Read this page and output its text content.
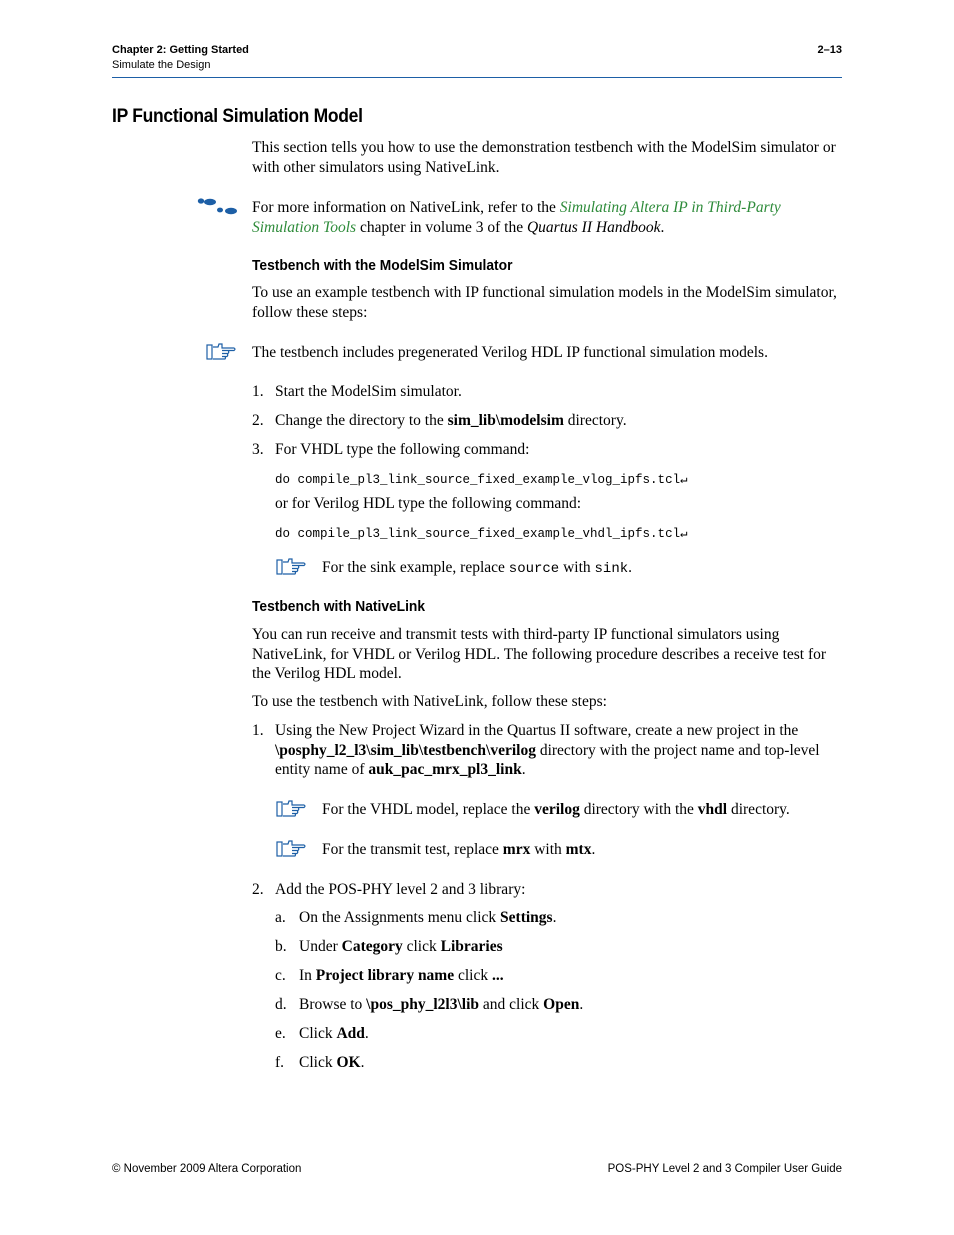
Chapter 2: Getting Started
Simulate the Design
2–13
IP Functional Simulation Model
This section tells you how to use the demonstration testbench with the ModelSim simulator or with other simulators using NativeLink.
For more information on NativeLink, refer to the Simulating Altera IP in Third-Party Simulation Tools chapter in volume 3 of the Quartus II Handbook.
Testbench with the ModelSim Simulator
To use an example testbench with IP functional simulation models in the ModelSim simulator, follow these steps:
The testbench includes pregenerated Verilog HDL IP functional simulation models.
1. Start the ModelSim simulator.
2. Change the directory to the sim_lib\modelsim directory.
3. For VHDL type the following command:
do compile_pl3_link_source_fixed_example_vlog_ipfs.tcl↵
or for Verilog HDL type the following command:
do compile_pl3_link_source_fixed_example_vhdl_ipfs.tcl↵
For the sink example, replace source with sink.
Testbench with NativeLink
You can run receive and transmit tests with third-party IP functional simulators using NativeLink, for VHDL or Verilog HDL. The following procedure describes a receive test for the Verilog HDL model.
To use the testbench with NativeLink, follow these steps:
1. Using the New Project Wizard in the Quartus II software, create a new project in the \posphy_l2_l3\sim_lib\testbench\verilog directory with the project name and top-level entity name of auk_pac_mrx_pl3_link.
For the VHDL model, replace the verilog directory with the vhdl directory.
For the transmit test, replace mrx with mtx.
2. Add the POS-PHY level 2 and 3 library:
a. On the Assignments menu click Settings.
b. Under Category click Libraries
c. In Project library name click ...
d. Browse to \pos_phy_l2l3\lib and click Open.
e. Click Add.
f. Click OK.
© November 2009 Altera Corporation	POS-PHY Level 2 and 3 Compiler User Guide
